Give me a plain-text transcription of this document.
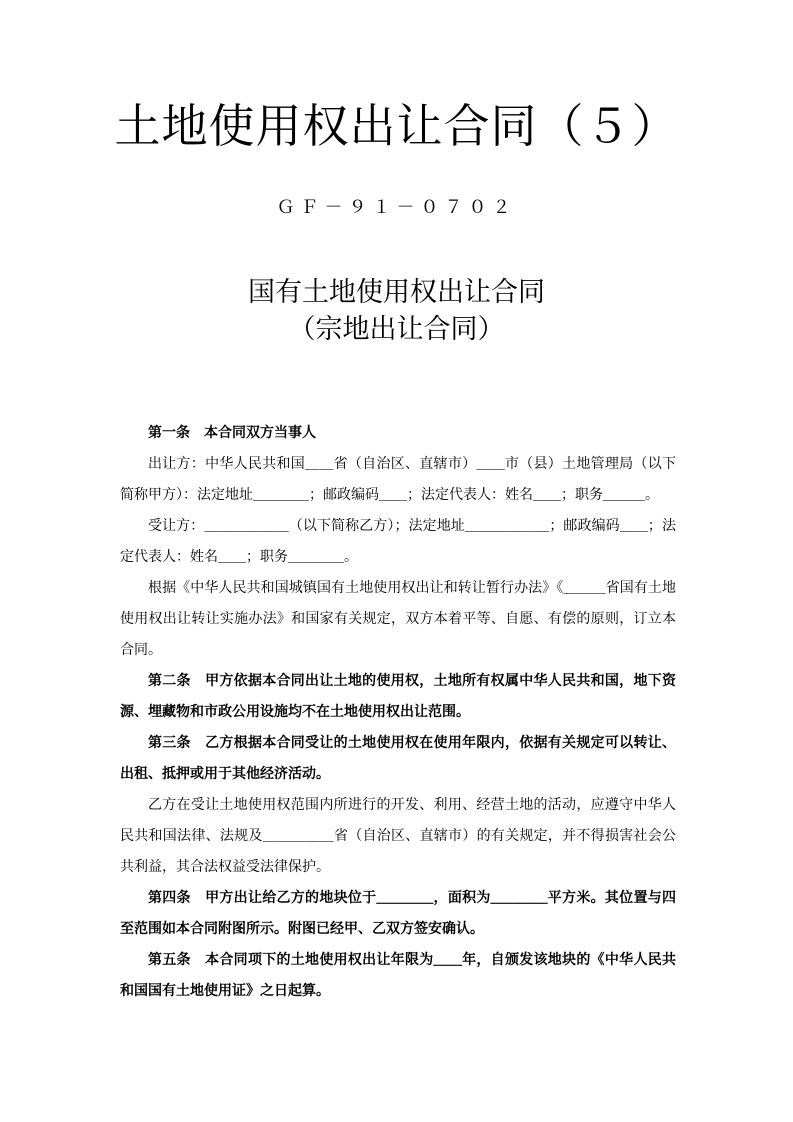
土地使用权出让合同（５）
ＧＦ－９１－０７０２
国有土地使用权出让合同
（宗地出让合同）

第一条　本合同双方当事人

出让方：中华人民共和国＿＿省（自治区、直辖市）＿＿市（县）土地管理局（以下简称甲方）：法定地址＿＿＿＿；邮政编码＿＿；法定代表人：姓名＿＿；职务＿＿＿。

受让方：＿＿＿＿＿＿（以下简称乙方）；法定地址＿＿＿＿＿＿；邮政编码＿＿；法定代表人：姓名＿＿；职务＿＿＿＿。

根据《中华人民共和国城镇国有土地使用权出让和转让暂行办法》《＿＿＿省国有土地使用权出让转让实施办法》和国家有关规定，双方本着平等、自愿、有偿的原则，订立本合同。

第二条　甲方依据本合同出让土地的使用权，土地所有权属中华人民共和国，地下资源、埋藏物和市政公用设施均不在土地使用权出让范围。

第三条　乙方根据本合同受让的土地使用权在使用年限内，依据有关规定可以转让、出租、抵押或用于其他经济活动。

乙方在受让土地使用权范围内所进行的开发、利用、经营土地的活动，应遵守中华人民共和国法律、法规及＿＿＿＿＿省（自治区、直辖市）的有关规定，并不得损害社会公共利益，其合法权益受法律保护。

第四条　甲方出让给乙方的地块位于＿＿＿＿，面积为＿＿＿＿平方米。其位置与四至范围如本合同附图所示。附图已经甲、乙双方签安确认。

第五条　本合同项下的土地使用权出让年限为＿＿年，自颁发该地块的《中华人民共和国国有土地使用证》之日起算。
